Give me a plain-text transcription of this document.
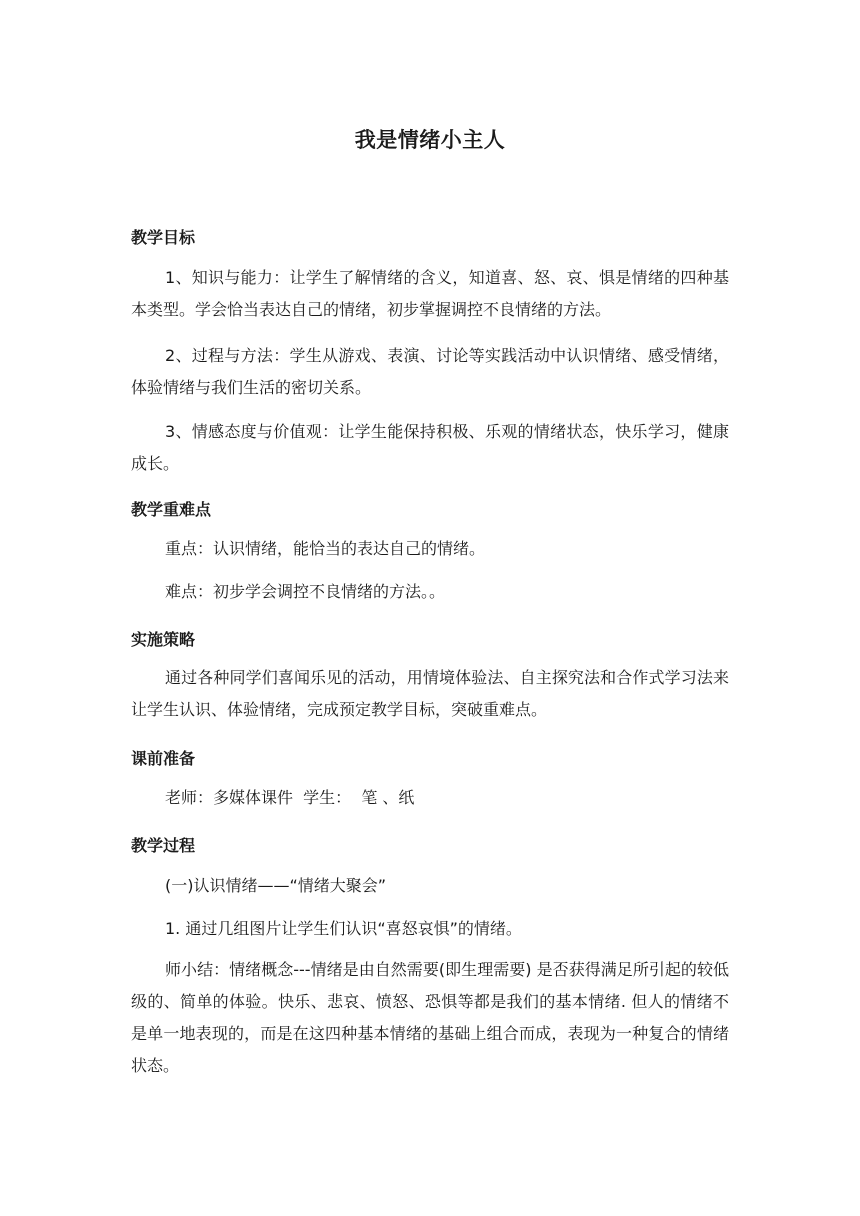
我是情绪小主人
教学目标
1、知识与能力：让学生了解情绪的含义，知道喜、怒、哀、惧是情绪的四种基本类型。学会恰当表达自己的情绪，初步掌握调控不良情绪的方法。
2、过程与方法：学生从游戏、表演、讨论等实践活动中认识情绪、感受情绪，体验情绪与我们生活的密切关系。
3、情感态度与价值观：让学生能保持积极、乐观的情绪状态，快乐学习，健康成长。
教学重难点
重点：认识情绪，能恰当的表达自己的情绪。
难点：初步学会调控不良情绪的方法。。
实施策略
通过各种同学们喜闻乐见的活动，用情境体验法、自主探究法和合作式学习法来让学生认识、体验情绪，完成预定教学目标，突破重难点。
课前准备
老师：多媒体课件  学生：  笔 、纸
教学过程
(一)认识情绪——“情绪大聚会”
1. 通过几组图片让学生们认识“喜怒哀惧”的情绪。
师小结：情绪概念---情绪是由自然需要(即生理需要) 是否获得满足所引起的较低级的、简单的体验。快乐、悲哀、愤怒、恐惧等都是我们的基本情绪. 但人的情绪不是单一地表现的，而是在这四种基本情绪的基础上组合而成，表现为一种复合的情绪状态。
